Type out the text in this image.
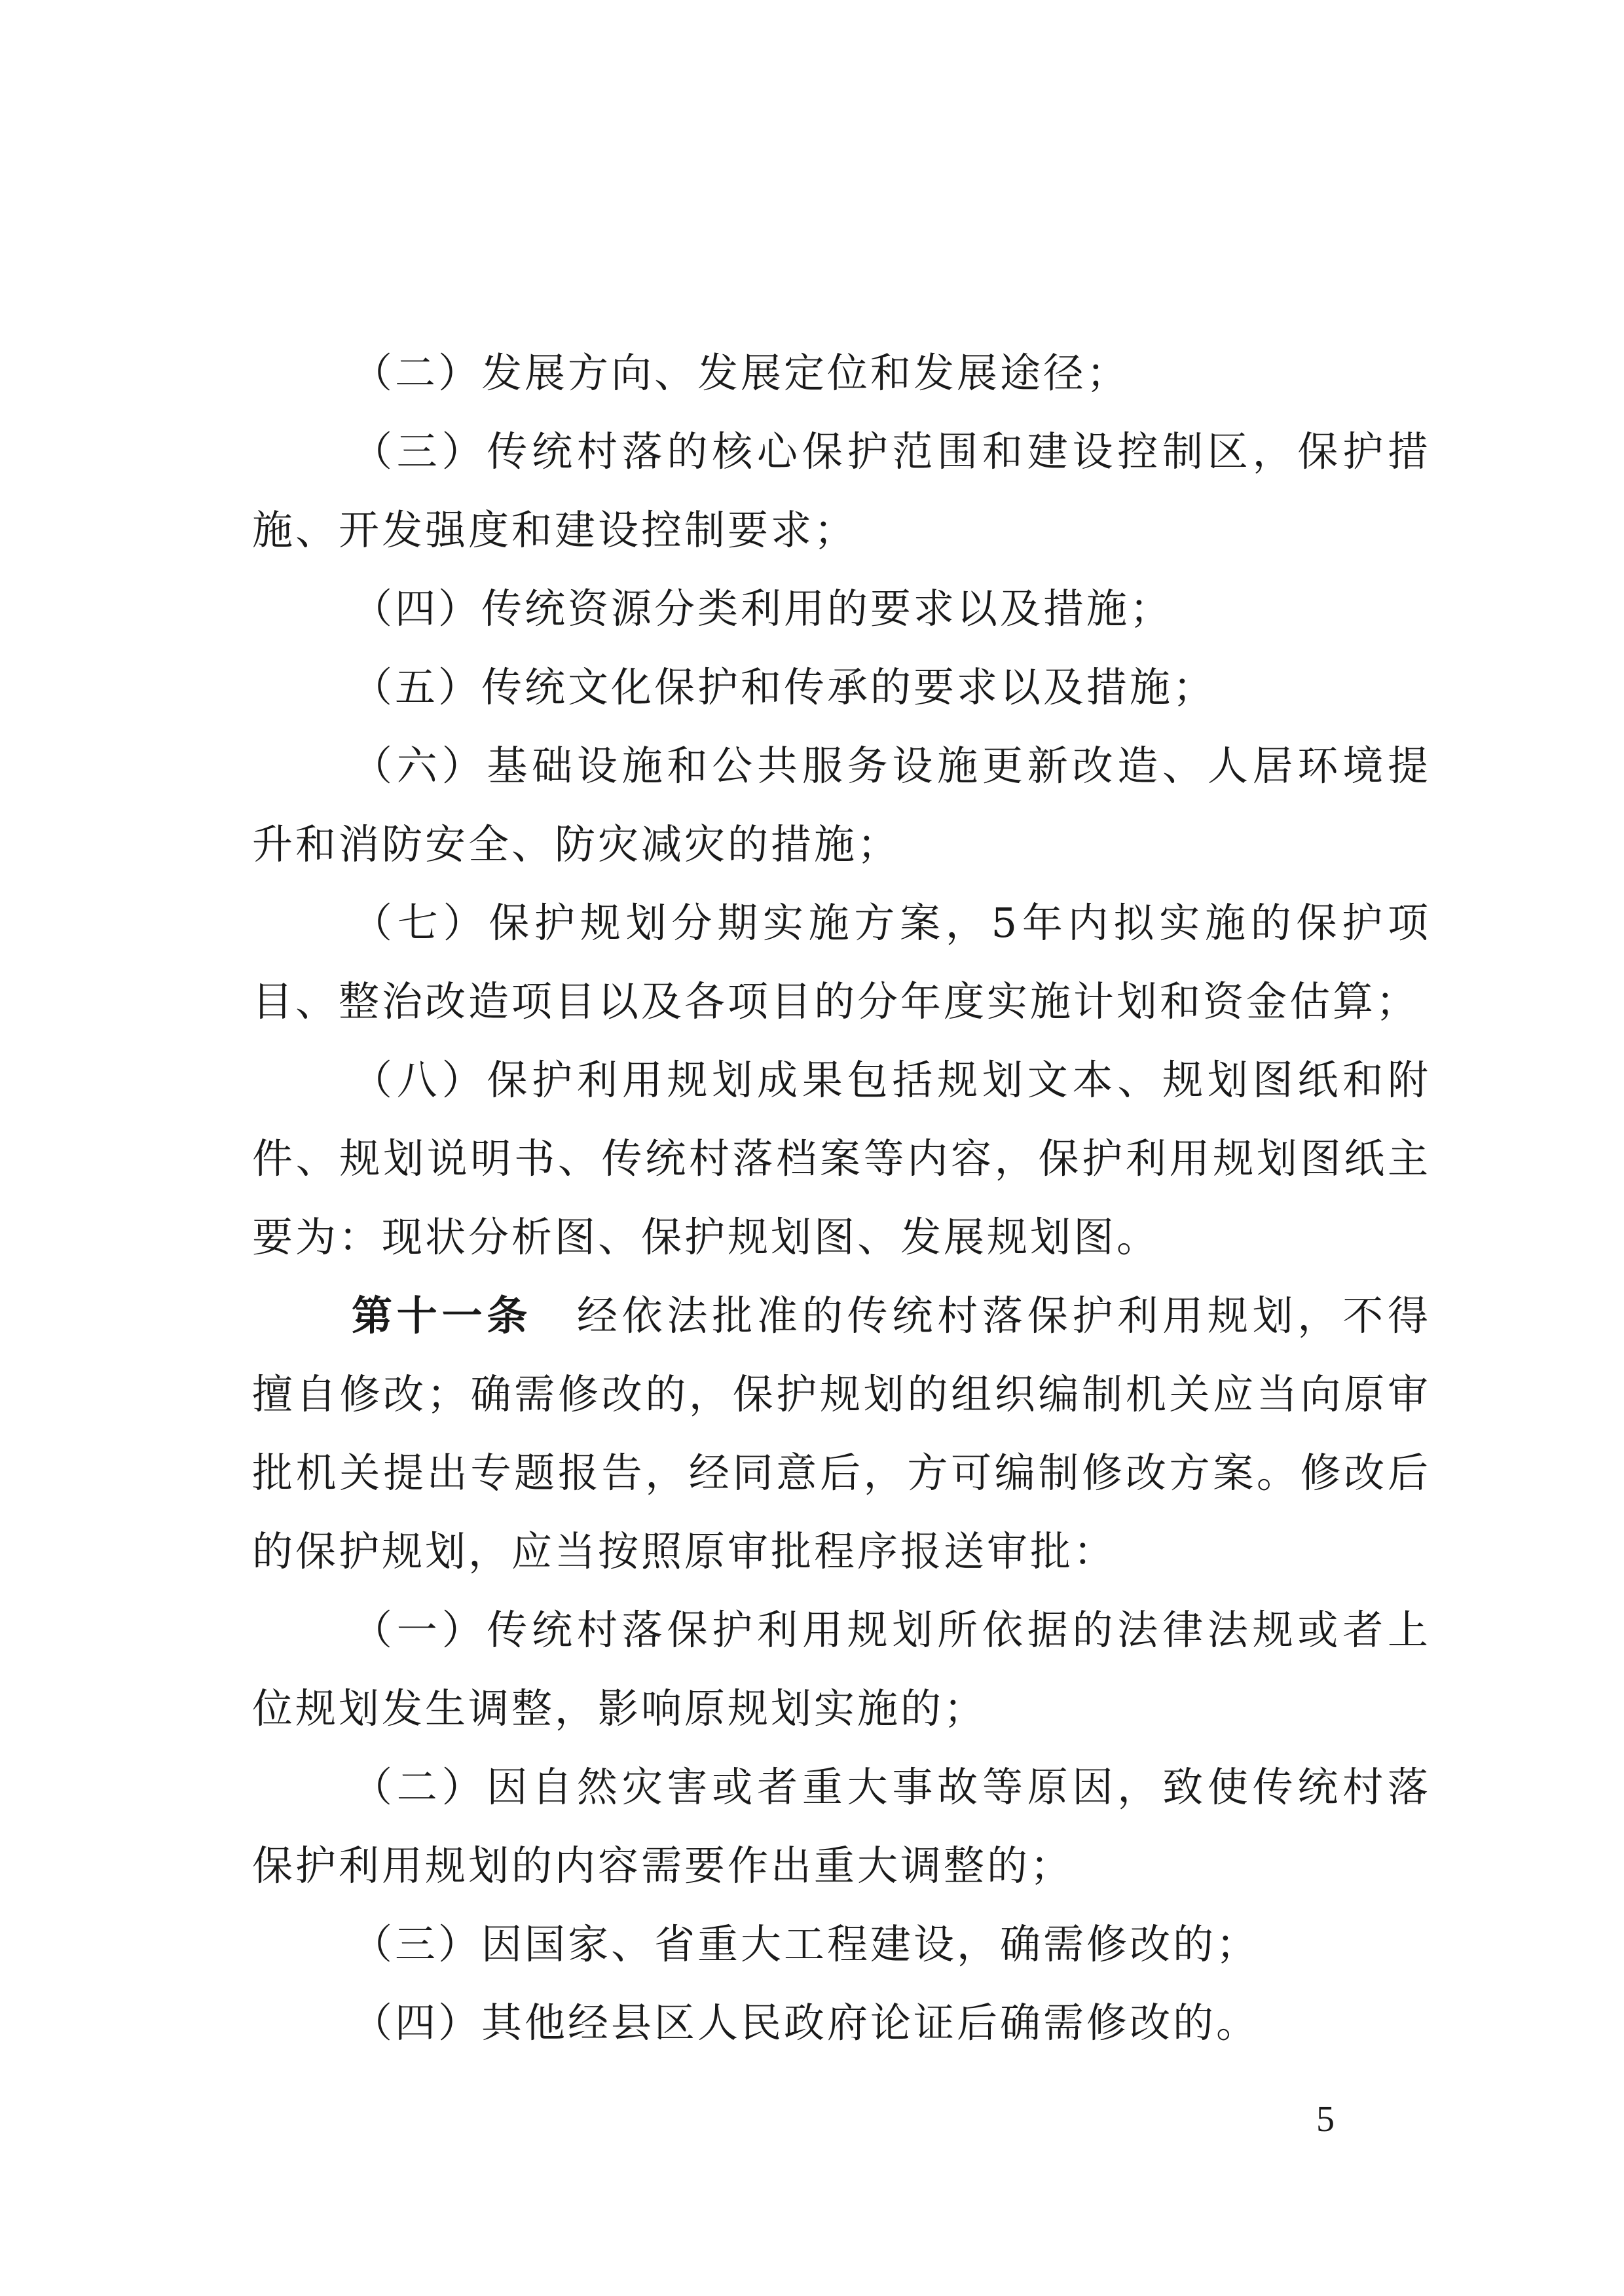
（二）发展方向、发展定位和发展途径；

（三）传统村落的核心保护范围和建设控制区，保护措施、开发强度和建设控制要求；

（四）传统资源分类利用的要求以及措施；

（五）传统文化保护和传承的要求以及措施；

（六）基础设施和公共服务设施更新改造、人居环境提升和消防安全、防灾减灾的措施；

（七）保护规划分期实施方案，5年内拟实施的保护项目、整治改造项目以及各项目的分年度实施计划和资金估算；

（八）保护利用规划成果包括规划文本、规划图纸和附件、规划说明书、传统村落档案等内容，保护利用规划图纸主要为：现状分析图、保护规划图、发展规划图。

第十一条　经依法批准的传统村落保护利用规划，不得擅自修改；确需修改的，保护规划的组织编制机关应当向原审批机关提出专题报告，经同意后，方可编制修改方案。修改后的保护规划，应当按照原审批程序报送审批：

（一）传统村落保护利用规划所依据的法律法规或者上位规划发生调整，影响原规划实施的；

（二）因自然灾害或者重大事故等原因，致使传统村落保护利用规划的内容需要作出重大调整的；

（三）因国家、省重大工程建设，确需修改的；

（四）其他经县区人民政府论证后确需修改的。

5
